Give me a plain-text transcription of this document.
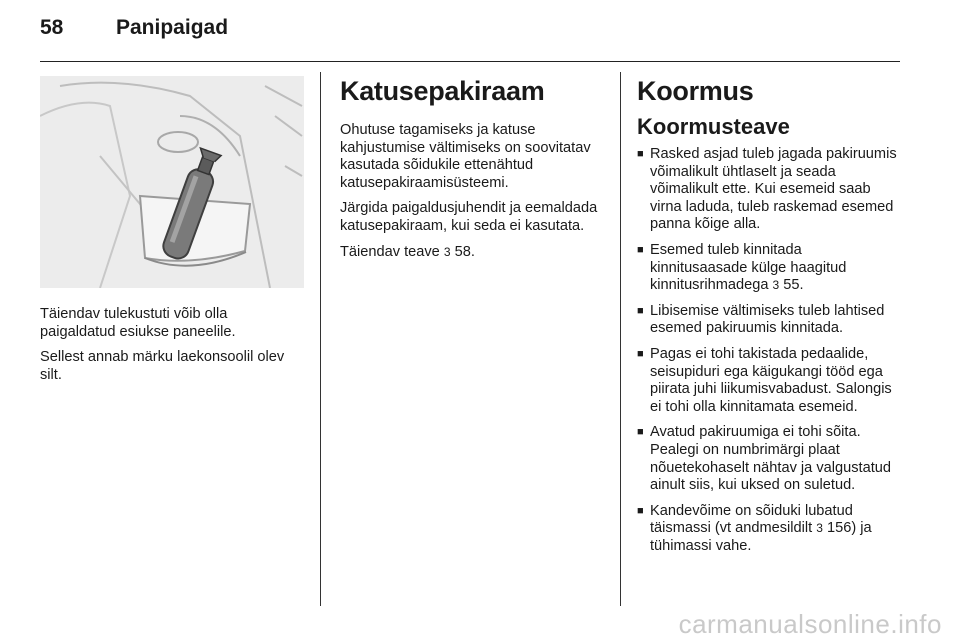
58	Panipaigad

Täiendav tulekustuti võib olla paigaldatud esiukse paneelile.

Sellest annab märku laekonsoolil olev silt.

Katusepakiraam

Ohutuse tagamiseks ja katuse kahjustumise vältimiseks on soovitatav kasutada sõidukile ettenähtud katusepakiraamisüsteemi.

Järgida paigaldusjuhendit ja eemaldada katusepakiraam, kui seda ei kasutata.

Täiendav teave 3 58.

Koormus
Koormusteave
■ Rasked asjad tuleb jagada pakiruumis võimalikult ühtlaselt ja seada võimalikult ette. Kui esemeid saab virna laduda, tuleb raskemad esemed panna kõige alla.
■ Esemed tuleb kinnitada kinnitusaasade külge haagitud kinnitusrihmadega 3 55.
■ Libisemise vältimiseks tuleb lahtised esemed pakiruumis kinnitada.
■ Pagas ei tohi takistada pedaalide, seisupiduri ega käigukangi tööd ega piirata juhi liikumisvabadust. Salongis ei tohi olla kinnitamata esemeid.
■ Avatud pakiruumiga ei tohi sõita. Pealegi on numbrimärgi plaat nõuetekohaselt nähtav ja valgustatud ainult siis, kui uksed on suletud.
■ Kandevõime on sõiduki lubatud täismassi (vt andmesildilt 3 156) ja tühimassi vahe.
carmanualsonline.info
